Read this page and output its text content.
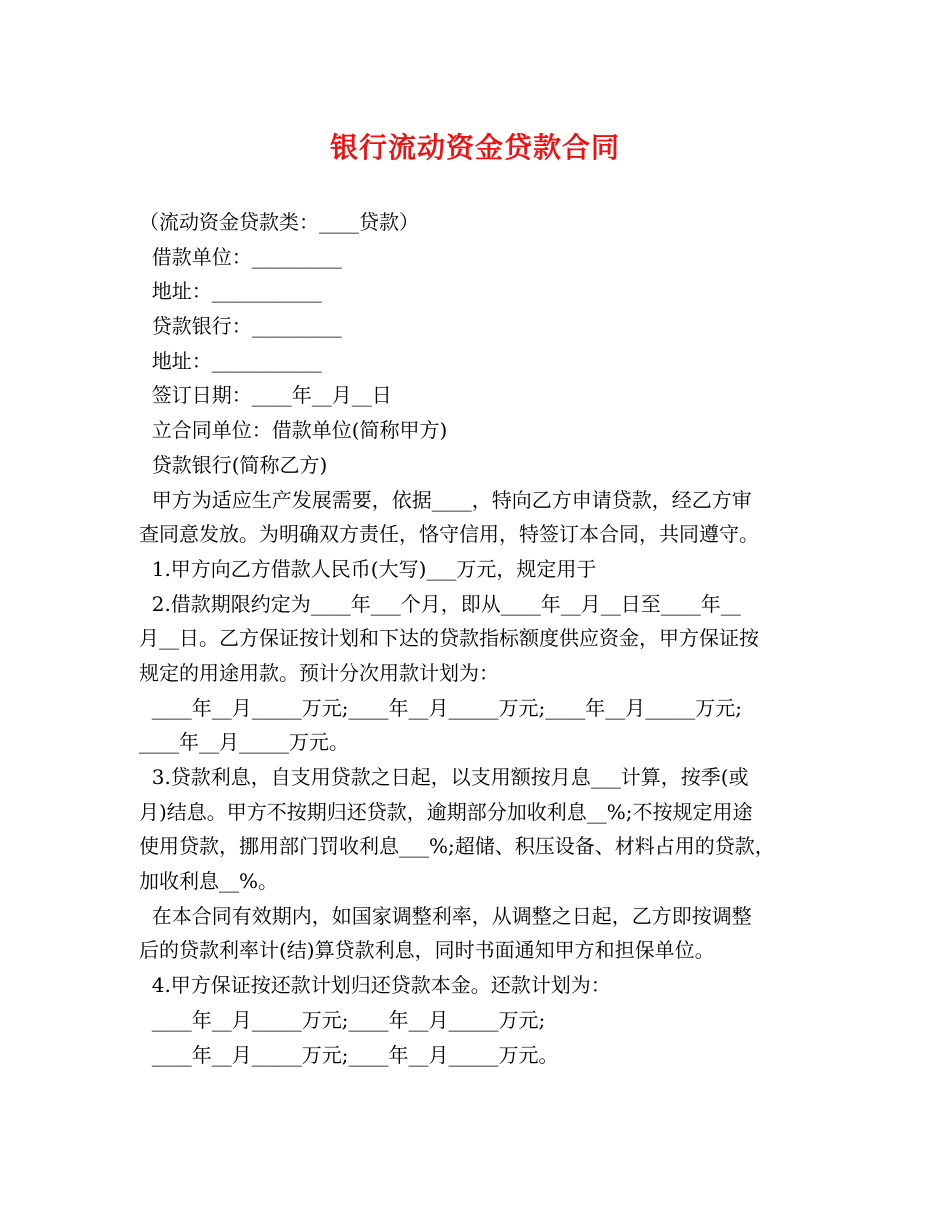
银行流动资金贷款合同
（流动资金贷款类：____贷款）
借款单位：_________
地址：___________
贷款银行：_________
地址：___________
签订日期：____年__月__日
立合同单位：借款单位(简称甲方)
贷款银行(简称乙方)
甲方为适应生产发展需要，依据____，特向乙方申请贷款，经乙方审
查同意发放。为明确双方责任，恪守信用，特签订本合同，共同遵守。
1.甲方向乙方借款人民币(大写)___万元，规定用于
2.借款期限约定为____年___个月，即从____年__月__日至____年__
月__日。乙方保证按计划和下达的贷款指标额度供应资金，甲方保证按
规定的用途用款。预计分次用款计划为：
____年__月_____万元;____年__月_____万元;____年__月_____万元;
____年__月_____万元。
3.贷款利息，自支用贷款之日起，以支用额按月息___计算，按季(或
月)结息。甲方不按期归还贷款，逾期部分加收利息__%;不按规定用途
使用贷款，挪用部门罚收利息___%;超储、积压设备、材料占用的贷款，
加收利息__%。
在本合同有效期内，如国家调整利率，从调整之日起，乙方即按调整
后的贷款利率计(结)算贷款利息，同时书面通知甲方和担保单位。
4.甲方保证按还款计划归还贷款本金。还款计划为：
____年__月_____万元;____年__月_____万元;
____年__月_____万元;____年__月_____万元。
